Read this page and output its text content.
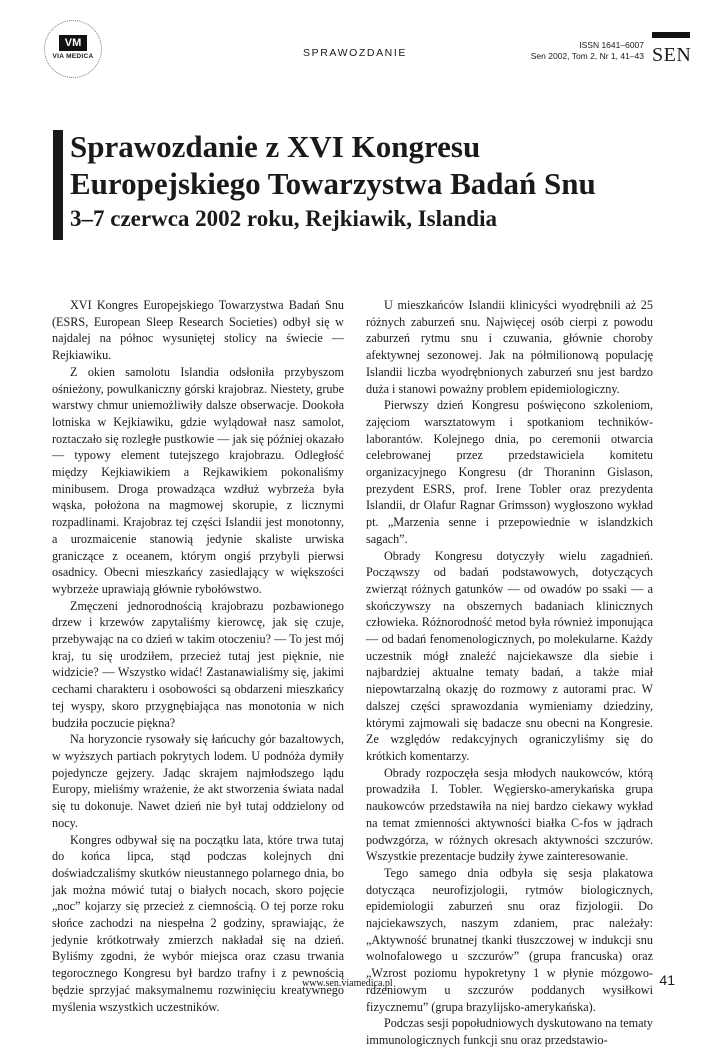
VM
VIA MEDICA	SPRAWOZDANIE
ISSN 1641–6007
Sen 2002, Tom 2, Nr 1, 41–43 SEN
Sprawozdanie z XVI Kongresu
Europejskiego Towarzystwa Badań Snu
3–7 czerwca 2002 roku, Rejkiawik, Islandia

XVI Kongres Europejskiego Towarzystwa Badań Snu (ESRS, European Sleep Research Societies) odbył się w najdalej na północ wysuniętej stolicy na świecie — Rejkiawiku.

Z okien samolotu Islandia odsłoniła przybyszom ośnieżony, powulkaniczny górski krajobraz. Niestety, grube warstwy chmur uniemożliwiły dalsze obserwacje. Dookoła lotniska w Kejkiawiku, gdzie wylądował nasz samolot, roztaczało się rozległe pustkowie — jak się później okazało — typowy element tutejszego krajobrazu. Odległość między Kejkiawikiem a Rejkawikiem pokonaliśmy minibusem. Droga prowadząca wzdłuż wybrzeża była wąska, położona na magmowej skorupie, z licznymi rozpadlinami. Krajobraz tej części Islandii jest monotonny, a urozmaicenie stanowią jedynie skaliste urwiska graniczące z oceanem, którym ongiś przybyli pierwsi osadnicy. Obecni mieszkańcy zasiedlający w większości wybrzeże uprawiają głównie rybołówstwo.

Zmęczeni jednorodnością krajobrazu pozbawionego drzew i krzewów zapytaliśmy kierowcę, jak się czuje, przebywając na co dzień w takim otoczeniu? — To jest mój kraj, tu się urodziłem, przecież tutaj jest pięknie, nie widzicie? — Wszystko widać! Zastanawialiśmy się, jakimi cechami charakteru i osobowości są obdarzeni mieszkańcy tej wyspy, skoro przygnębiająca nas monotonia w nich budziła poczucie piękna?

Na horyzoncie rysowały się łańcuchy gór bazaltowych, w wyższych partiach pokrytych lodem. U podnóża dymiły pojedyncze gejzery. Jadąc skrajem najmłodszego lądu Europy, mieliśmy wrażenie, że akt stworzenia świata nadal się tu dokonuje. Nawet dzień nie był tutaj oddzielony od nocy.

Kongres odbywał się na początku lata, które trwa tutaj do końca lipca, stąd podczas kolejnych dni doświadczaliśmy skutków nieustannego polarnego dnia, bo jak można mówić tutaj o białych nocach, skoro pojęcie „noc” kojarzy się przecież z ciemnością. O tej porze roku słońce zachodzi na niespełna 2 godziny, sprawiając, że jedynie krótkotrwały zmierzch nakładał się na dzień. Byliśmy zgodni, że wybór miejsca oraz czasu trwania tegorocznego Kongresu był bardzo trafny i z pewnością będzie sprzyjać maksymalnemu rozwinięciu kreatywnego myślenia wszystkich uczestników.

U mieszkańców Islandii klinicyści wyodrębnili aż 25 różnych zaburzeń snu. Najwięcej osób cierpi z powodu zaburzeń rytmu snu i czuwania, głównie choroby afektywnej sezonowej. Jak na półmilionową populację Islandii liczba wyodrębnionych zaburzeń snu jest bardzo duża i stanowi poważny problem epidemiologiczny.

Pierwszy dzień Kongresu poświęcono szkoleniom, zajęciom warsztatowym i spotkaniom techników-laborantów. Kolejnego dnia, po ceremonii otwarcia celebrowanej przez przedstawiciela komitetu organizacyjnego Kongresu (dr Thoraninn Gislason, prezydent ESRS, prof. Irene Tobler oraz prezydenta Islandii, dr Olafur Ragnar Grimsson) wygłoszono wykład pt. „Marzenia senne i przepowiednie w islandzkich sagach”.

Obrady Kongresu dotyczyły wielu zagadnień. Począwszy od badań podstawowych, dotyczących zwierząt różnych gatunków — od owadów po ssaki — a skończywszy na obszernych badaniach klinicznych człowieka. Różnorodność metod była również imponująca — od badań fenomenologicznych, po molekularne. Każdy uczestnik mógł znaleźć najciekawsze dla siebie i najbardziej aktualne tematy badań, a także miał niepowtarzalną okazję do rozmowy z autorami prac. W dalszej części sprawozdania wymieniamy dziedziny, którymi zajmowali się badacze snu obecni na Kongresie. Ze względów redakcyjnych ograniczyliśmy się do krótkich komentarzy.

Obrady rozpoczęła sesja młodych naukowców, którą prowadziła I. Tobler. Węgiersko-amerykańska grupa naukowców przedstawiła na niej bardzo ciekawy wykład na temat zmienności aktywności białka C-fos w jądrach podwzgórza, w różnych okresach aktywności szczurów. Wszystkie prezentacje budziły żywe zainteresowanie.

Tego samego dnia odbyła się sesja plakatowa dotycząca neurofizjologii, rytmów biologicznych, epidemiologii zaburzeń snu oraz fizjologii. Do najciekawszych, naszym zdaniem, prac należały: „Aktywność brunatnej tkanki tłuszczowej w indukcji snu wolnofalowego u szczurów” (grupa francuska) oraz „Wzrost poziomu hypokretyny 1 w płynie mózgowo-rdzeniowym u szczurów poddanych wysiłkowi fizycznemu” (grupa brazylijsko-amerykańska).

Podczas sesji popołudniowych dyskutowano na tematy immunologicznych funkcji snu oraz przedstawio-

www.sen.viamedica.pl	41
